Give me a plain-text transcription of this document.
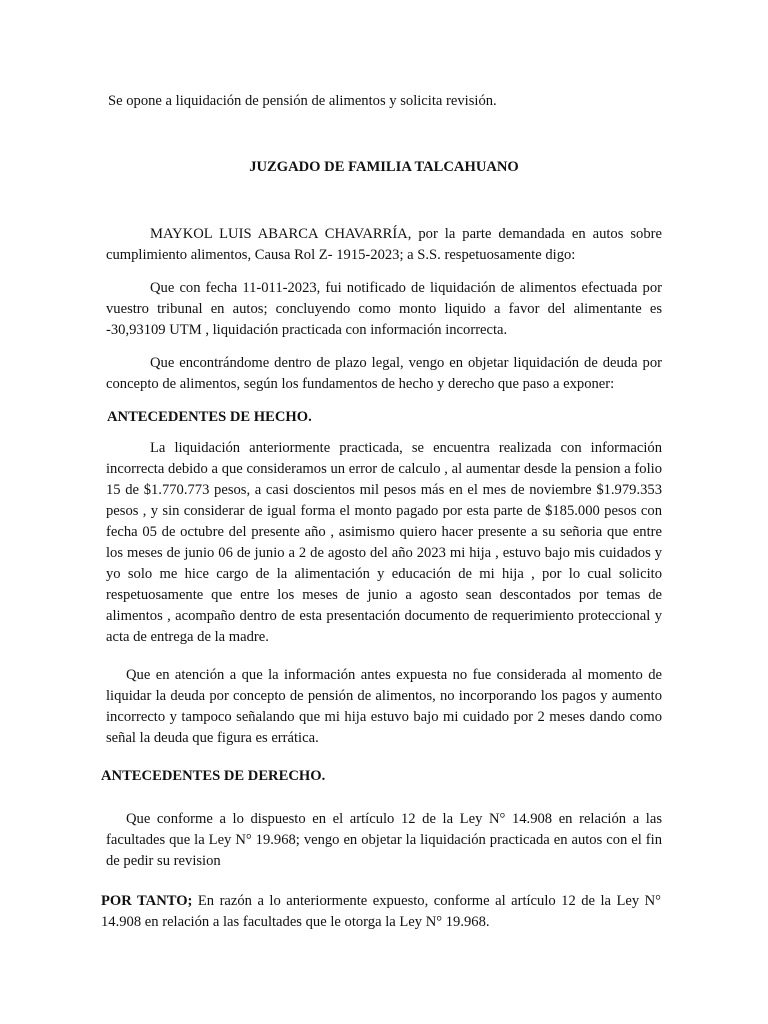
Se opone a liquidación de pensión de alimentos y solicita revisión.

JUZGADO DE FAMILIA TALCAHUANO

MAYKOL LUIS ABARCA CHAVARRÍA, por la parte demandada en autos sobre cumplimiento alimentos, Causa Rol Z- 1915-2023; a S.S. respetuosamente digo:

Que con fecha 11-011-2023, fui notificado de liquidación de alimentos efectuada por vuestro tribunal en autos; concluyendo como monto liquido a favor del alimentante es -30,93109 UTM , liquidación practicada con información incorrecta.

Que encontrándome dentro de plazo legal, vengo en objetar liquidación de deuda por concepto de alimentos, según los fundamentos de hecho y derecho que paso a exponer:

ANTECEDENTES DE HECHO.

La liquidación anteriormente practicada, se encuentra realizada con información incorrecta debido a que consideramos un error de calculo , al aumentar desde la pension a folio 15 de $1.770.773 pesos, a casi doscientos mil pesos más en el mes de noviembre $1.979.353 pesos , y sin considerar de igual forma el monto pagado por esta parte de $185.000 pesos con fecha 05 de octubre del presente año , asimismo quiero hacer presente a su señoria que entre los meses de junio 06 de junio a 2 de agosto del año 2023 mi hija , estuvo bajo mis cuidados y yo solo me hice cargo de la alimentación y educación de mi hija , por lo cual solicito respetuosamente que entre los meses de junio a agosto sean descontados por temas de alimentos , acompaño dentro de esta presentación documento de requerimiento proteccional y acta de entrega de la madre.

Que en atención a que la información antes expuesta no fue considerada al momento de liquidar la deuda por concepto de pensión de alimentos, no incorporando los pagos y aumento incorrecto y tampoco señalando que mi hija estuvo bajo mi cuidado por 2 meses dando como señal la deuda que figura es errática.

ANTECEDENTES DE DERECHO.

Que conforme a lo dispuesto en el artículo 12 de la Ley N° 14.908 en relación a las facultades que la Ley N° 19.968; vengo en objetar la liquidación practicada en autos con el fin de pedir su revision

POR TANTO; En razón a lo anteriormente expuesto, conforme al artículo 12 de la Ley N° 14.908 en relación a las facultades que le otorga la Ley N° 19.968.
